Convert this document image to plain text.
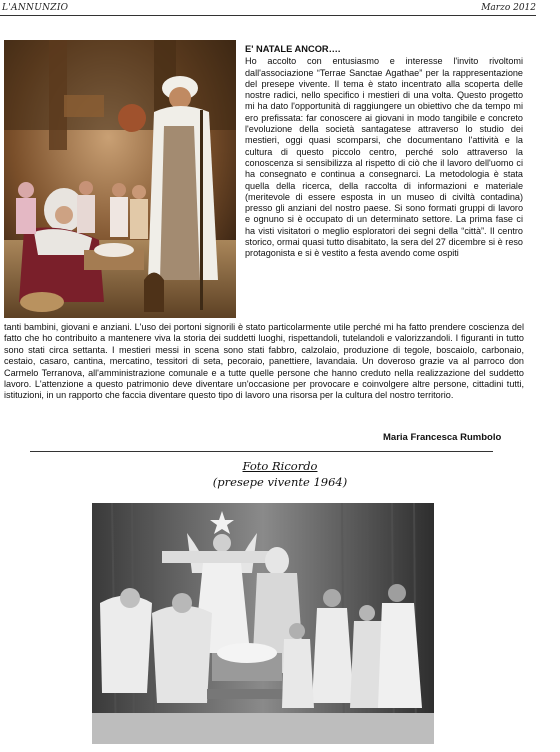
L'ANNUNZIO	Marzo 2012
E' NATALE ANCOR….

Ho accolto con entusiasmo e interesse l'invito rivoltomi dall'associazione “Terrae Sanctae Agathae” per la rappresentazione del presepe vivente. Il tema è stato incentrato alla scoperta delle nostre radici, nello specifico i mestieri di una volta. Questo progetto mi ha dato l'opportunità di raggiungere un obiettivo che da tempo mi ero prefissata: far conoscere ai giovani in modo tangibile e concreto l'evoluzione della società santagatese attraverso lo studio dei mestieri, oggi quasi scomparsi, che documentano l'attività e la cultura di questo piccolo centro, perché solo attraverso la conoscenza si sensibilizza al rispetto di ciò che il lavoro dell'uomo ci ha consegnato e continua a consegnarci. La metodologia è stata quella della ricerca, della raccolta di informazioni e materiale (meritevole di essere esposta in un museo di civiltà contadina) presso gli anziani del nostro paese. Si sono formati gruppi di lavoro e ognuno si è occupato di un determinato settore. La prima fase ci ha visti visitatori o meglio esploratori dei segni della “città”. Il centro storico, ormai quasi tutto disabitato, la sera del 27 dicembre si è reso protagonista e si è vestito a festa avendo come ospiti

tanti bambini, giovani e anziani. L'uso dei portoni signorili è stato particolarmente utile perché mi ha fatto prendere coscienza del fatto che ho contribuito a mantenere viva la storia dei suddetti luoghi, rispettandoli, tutelandoli e valorizzandoli. I figuranti in tutto sono stati circa settanta. I mestieri messi in scena sono stati fabbro, calzolaio, produzione di tegole, boscaiolo, carbonaio, cestaio, casaro, cantina, mercatino, tessitori di seta, pecoraio, panettiere, lavandaia. Un doveroso grazie va al parroco don Carmelo Terranova, all'amministrazione comunale e a tutte quelle persone che hanno creduto nella realizzazione del suddetto lavoro. L'attenzione a questo patrimonio deve diventare un'occasione per provocare e coinvolgere altre persone, cittadini tutti, istituzioni, in un rapporto che faccia diventare questo tipo di lavoro una risorsa per la cultura del nostro territorio.

Maria Francesca Rumbolo
Foto Ricordo
(presepe vivente 1964)
